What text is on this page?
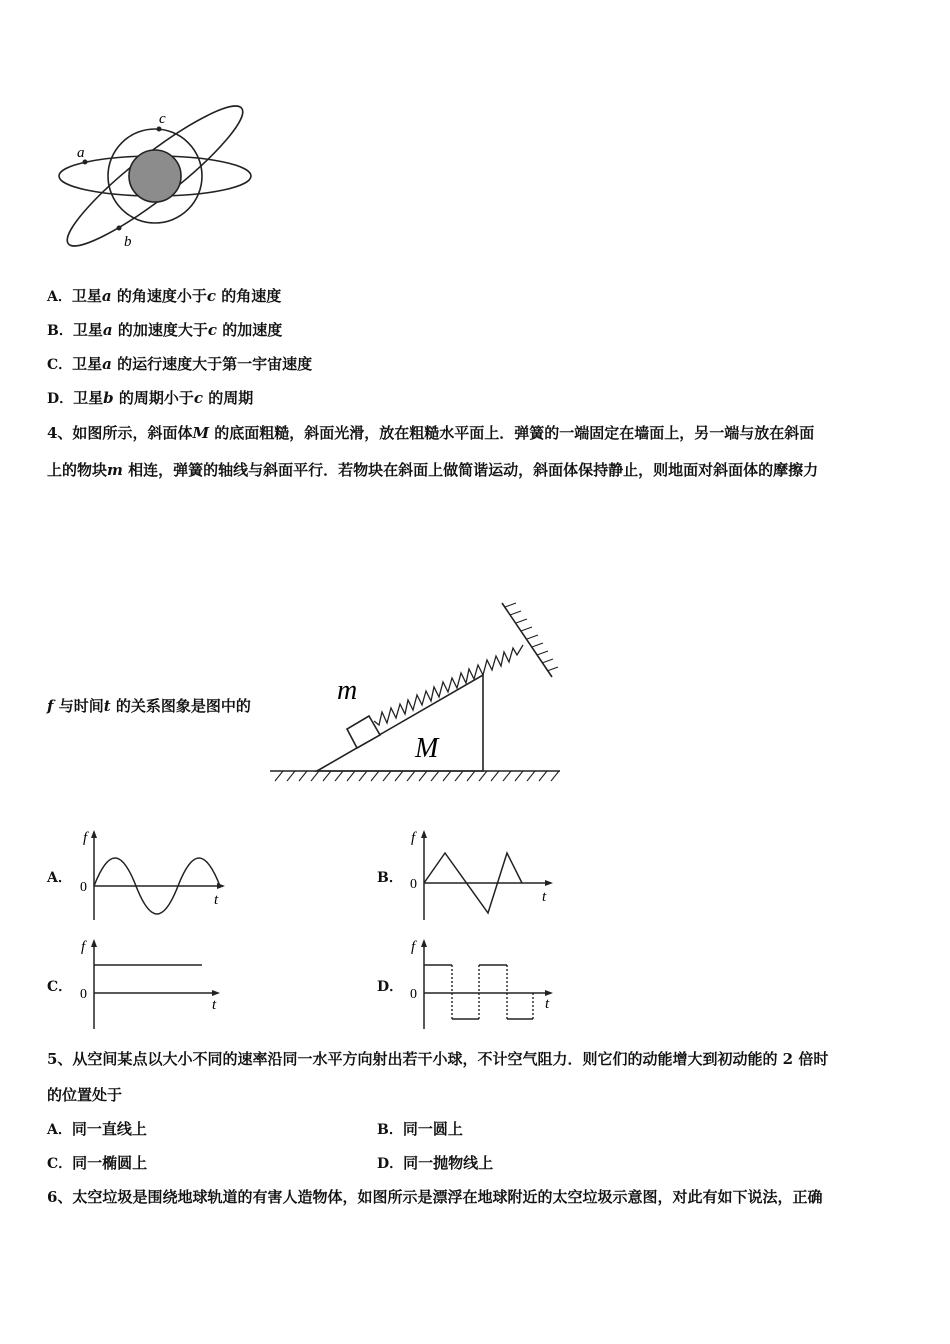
a
b
c
A．卫星a 的角速度小于c 的角速度
B．卫星a 的加速度大于c 的加速度
C．卫星a 的运行速度大于第一宇宙速度
D．卫星b 的周期小于c 的周期
4、如图所示，斜面体M 的底面粗糙，斜面光滑，放在粗糙水平面上．弹簧的一端固定在墙面上，另一端与放在斜面
上的物块m 相连，弹簧的轴线与斜面平行．若物块在斜面上做简谐运动，斜面体保持静止，则地面对斜面体的摩擦力
f 与时间t 的关系图象是图中的	m
M
A．
f
t
0
B．
f
t
0
C．
f
t
0	D．
f
t
0
5、从空间某点以大小不同的速率沿同一水平方向射出若干小球，不计空气阻力．则它们的动能增大到初动能的 2 倍时
的位置处于
A．同一直线上	B．同一圆上
C．同一椭圆上	D．同一抛物线上
6、太空垃圾是围绕地球轨道的有害人造物体，如图所示是漂浮在地球附近的太空垃圾示意图，对此有如下说法，正确
